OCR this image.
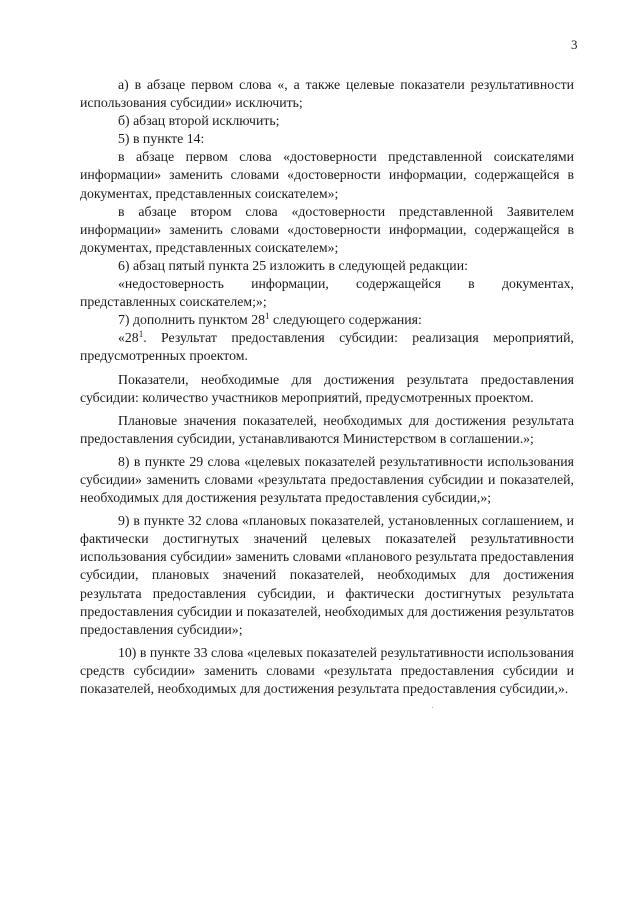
3

а) в абзаце первом слова «, а также целевые показатели результативности использования субсидии» исключить;

б) абзац второй исключить;

5) в пункте 14:

в абзаце первом слова «достоверности представленной соискателями информации» заменить словами «достоверности информации, содержащейся в документах, представленных соискателем»;

в абзаце втором слова «достоверности представленной Заявителем информации» заменить словами «достоверности информации, содержащейся в документах, представленных соискателем»;

6) абзац пятый пункта 25 изложить в следующей редакции:

«недостоверность информации, содержащейся в документах, представленных соискателем;»;

7) дополнить пунктом $28^1$ следующего содержания:

«$28^1$. Результат предоставления субсидии: реализация мероприятий, предусмотренных проектом.

Показатели, необходимые для достижения результата предоставления субсидии: количество участников мероприятий, предусмотренных проектом.

Плановые значения показателей, необходимых для достижения результата предоставления субсидии, устанавливаются Министерством в соглашении.»;

8) в пункте 29 слова «целевых показателей результативности использования субсидии» заменить словами «результата предоставления субсидии и показателей, необходимых для достижения результата предоставления субсидии,»;

9) в пункте 32 слова «плановых показателей, установленных соглашением, и фактически достигнутых значений целевых показателей результативности использования субсидии» заменить словами «планового результата предоставления субсидии, плановых значений показателей, необходимых для достижения результата предоставления субсидии, и фактически достигнутых результата предоставления субсидии и показателей, необходимых для достижения результатов предоставления субсидии»;

10) в пункте 33 слова «целевых показателей результативности использования средств субсидии» заменить словами «результата предоставления субсидии и показателей, необходимых для достижения результата предоставления субсидии,».
